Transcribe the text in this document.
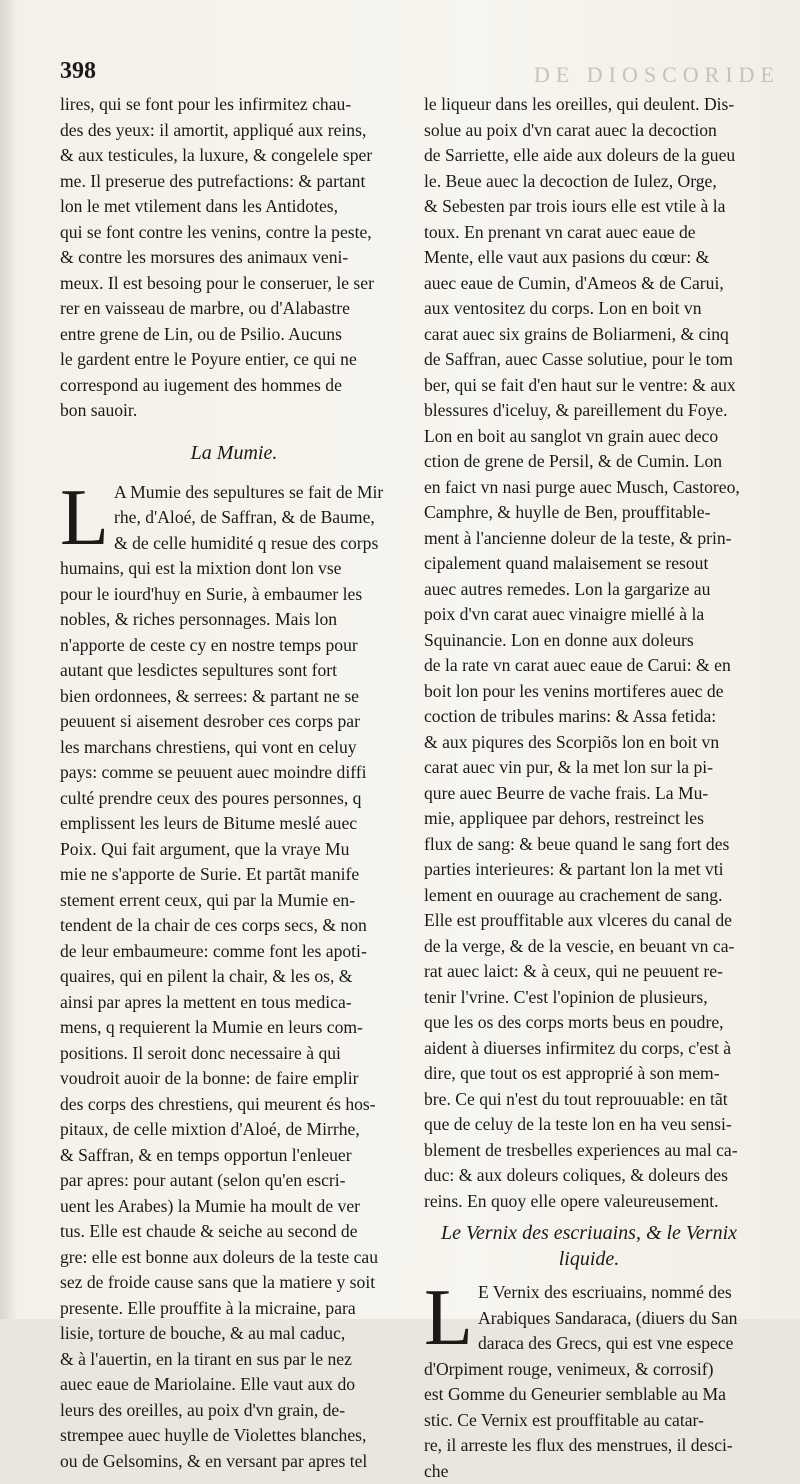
398	DE DIOSCORIDE
lires, qui se font pour les infirmitez chau-
des des yeux: il amortit, appliqué aux reins,
& aux testicules, la luxure, & congelele sper
me. Il preserue des putrefactions: & partant
lon le met vtilement dans les Antidotes,
qui se font contre les venins, contre la peste,
& contre les morsures des animaux veni-
meux. Il est besoing pour le conseruer, le ser
rer en vaisseau de marbre, ou d'Alabastre
entre grene de Lin, ou de Psilio. Aucuns
le gardent entre le Poyure entier, ce qui ne
correspond au iugement des hommes de
bon sauoir.
La Mumie.
L A Mumie des sepultures se fait de Mir
rhe, d'Aloé, de Saffran, & de Baume,
& de celle humidité q resue des corps
humains, qui est la mixtion dont lon vse
pour le iourd'huy en Surie, à embaumer les
nobles, & riches personnages. Mais lon
n'apporte de ceste cy en nostre temps pour
autant que lesdictes sepultures sont fort
bien ordonnees, & serrees: & partant ne se
peuuent si aisement desrober ces corps par
les marchans chrestiens, qui vont en celuy
pays: comme se peuuent auec moindre diffi
culté prendre ceux des poures personnes, q
emplissent les leurs de Bitume meslé auec
Poix. Qui fait argument, que la vraye Mu
mie ne s'apporte de Surie. Et partãt manife
stement errent ceux, qui par la Mumie en-
tendent de la chair de ces corps secs, & non
de leur embaumeure: comme font les apoti-
quaires, qui en pilent la chair, & les os, &
ainsi par apres la mettent en tous medica-
mens, q requierent la Mumie en leurs com-
positions. Il seroit donc necessaire à qui
voudroit auoir de la bonne: de faire emplir
des corps des chrestiens, qui meurent és hos-
pitaux, de celle mixtion d'Aloé, de Mirrhe,
& Saffran, & en temps opportun l'enleuer
par apres: pour autant (selon qu'en escri-
uent les Arabes) la Mumie ha moult de ver
tus. Elle est chaude & seiche au second de
gre: elle est bonne aux doleurs de la teste cau
sez de froide cause sans que la matiere y soit
presente. Elle prouffite à la micraine, para
lisie, torture de bouche, & au mal caduc,
& à l'auertin, en la tirant en sus par le nez
auec eaue de Mariolaine. Elle vaut aux do
leurs des oreilles, au poix d'vn grain, de-
strempee auec huylle de Violettes blanches,
ou de Gelsomins, & en versant par apres tel
le liqueur dans les oreilles, qui deulent. Dis-
solue au poix d'vn carat auec la decoction
de Sarriette, elle aide aux doleurs de la gueu
le. Beue auec la decoction de Iulez, Orge,
& Sebesten par trois iours elle est vtile à la
toux. En prenant vn carat auec eaue de
Mente, elle vaut aux pasions du cœur: &
auec eaue de Cumin, d'Ameos & de Carui,
aux ventositez du corps. Lon en boit vn
carat auec six grains de Boliarmeni, & cinq
de Saffran, auec Casse solutiue, pour le tom
ber, qui se fait d'en haut sur le ventre: & aux
blessures d'iceluy, & pareillement du Foye.
Lon en boit au sanglot vn grain auec deco
ction de grene de Persil, & de Cumin. Lon
en faict vn nasi purge auec Musch, Castoreo,
Camphre, & huylle de Ben, prouffitable-
ment à l'ancienne doleur de la teste, & prin-
cipalement quand malaisement se resout
auec autres remedes. Lon la gargarize au
poix d'vn carat auec vinaigre miellé à la
Squinancie. Lon en donne aux doleurs
de la rate vn carat auec eaue de Carui: & en
boit lon pour les venins mortiferes auec de
coction de tribules marins: & Assa fetida:
& aux piqures des Scorpiõs lon en boit vn
carat auec vin pur, & la met lon sur la pi-
qure auec Beurre de vache frais. La Mu-
mie, appliquee par dehors, restreinct les
flux de sang: & beue quand le sang fort des
parties interieures: & partant lon la met vti
lement en ouurage au crachement de sang.
Elle est prouffitable aux vlceres du canal de
de la verge, & de la vescie, en beuant vn ca-
rat auec laict: & à ceux, qui ne peuuent re-
tenir l'vrine. C'est l'opinion de plusieurs,
que les os des corps morts beus en poudre,
aident à diuerses infirmitez du corps, c'est à
dire, que tout os est approprié à son mem-
bre. Ce qui n'est du tout reprouuable: en tãt
que de celuy de la teste lon en ha veu sensi-
blement de tresbelles experiences au mal ca-
duc: & aux doleurs coliques, & doleurs des
reins. En quoy elle opere valeureusement.
Le Vernix des escriuains, & le Vernix
liquide.
L E Vernix des escriuains, nommé des
Arabiques Sandaraca, (diuers du San
daraca des Grecs, qui est vne espece
d'Orpiment rouge, venimeux, & corrosif)
est Gomme du Geneurier semblable au Ma
stic. Ce Vernix est prouffitable au catar-
re, il arreste les flux des menstrues, il desci-
che
